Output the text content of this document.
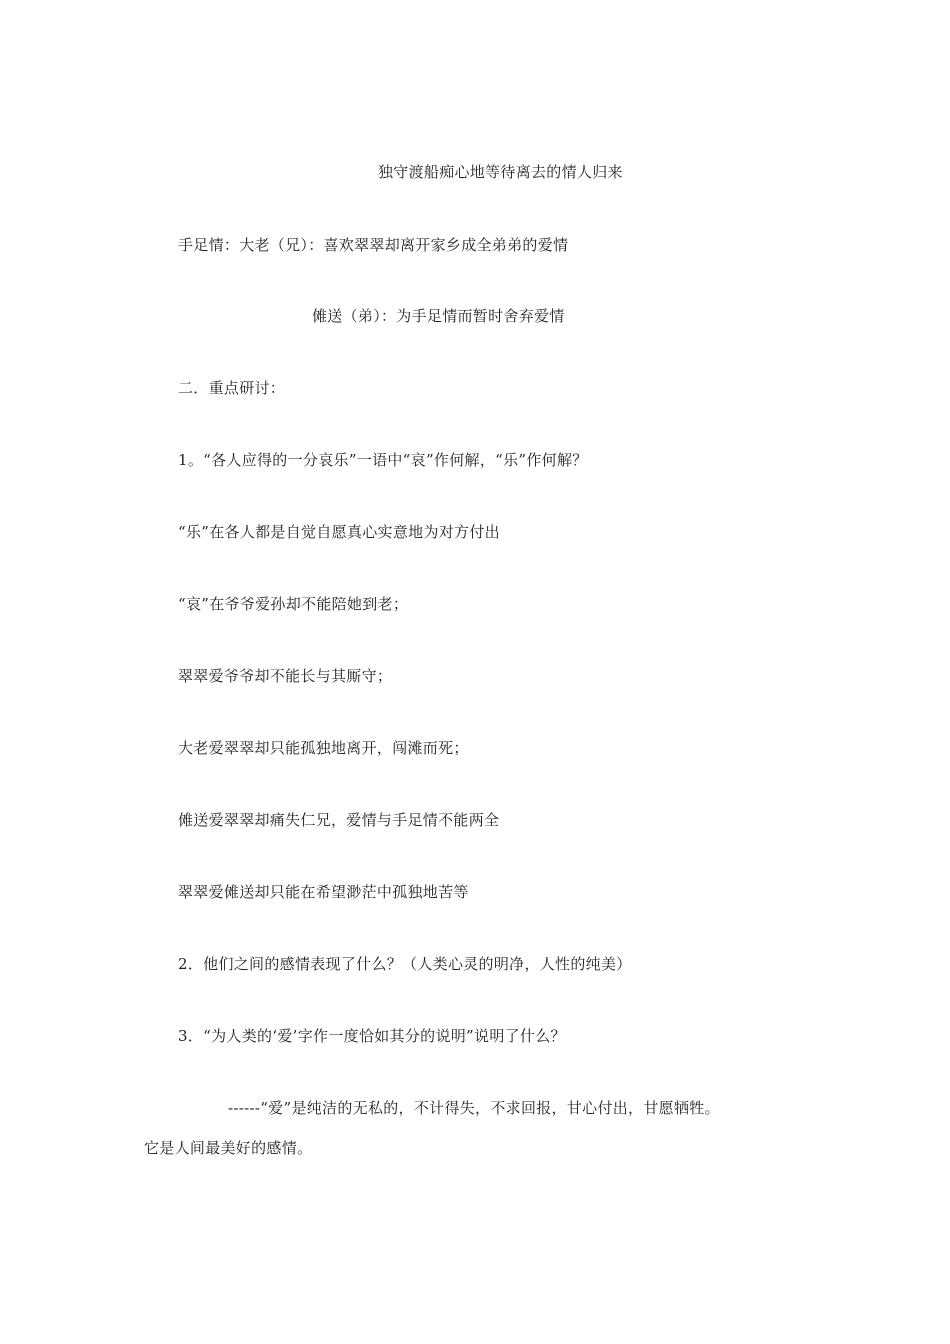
独守渡船痴心地等待离去的情人归来
手足情：大老（兄）：喜欢翠翠却离开家乡成全弟弟的爱情
傩送（弟）：为手足情而暂时舍弃爱情
二．重点研讨：
1。“各人应得的一分哀乐”一语中“哀”作何解，“乐”作何解？
“乐”在各人都是自觉自愿真心实意地为对方付出
“哀”在爷爷爱孙却不能陪她到老；
翠翠爱爷爷却不能长与其厮守；
大老爱翠翠却只能孤独地离开，闯滩而死；
傩送爱翠翠却痛失仁兄，爱情与手足情不能两全
翠翠爱傩送却只能在希望渺茫中孤独地苦等
2．他们之间的感情表现了什么？（人类心灵的明净，人性的纯美）
3．“为人类的‘爱’字作一度恰如其分的说明”说明了什么？
------“爱”是纯洁的无私的，不计得失，不求回报，甘心付出，甘愿牺牲。
它是人间最美好的感情。
